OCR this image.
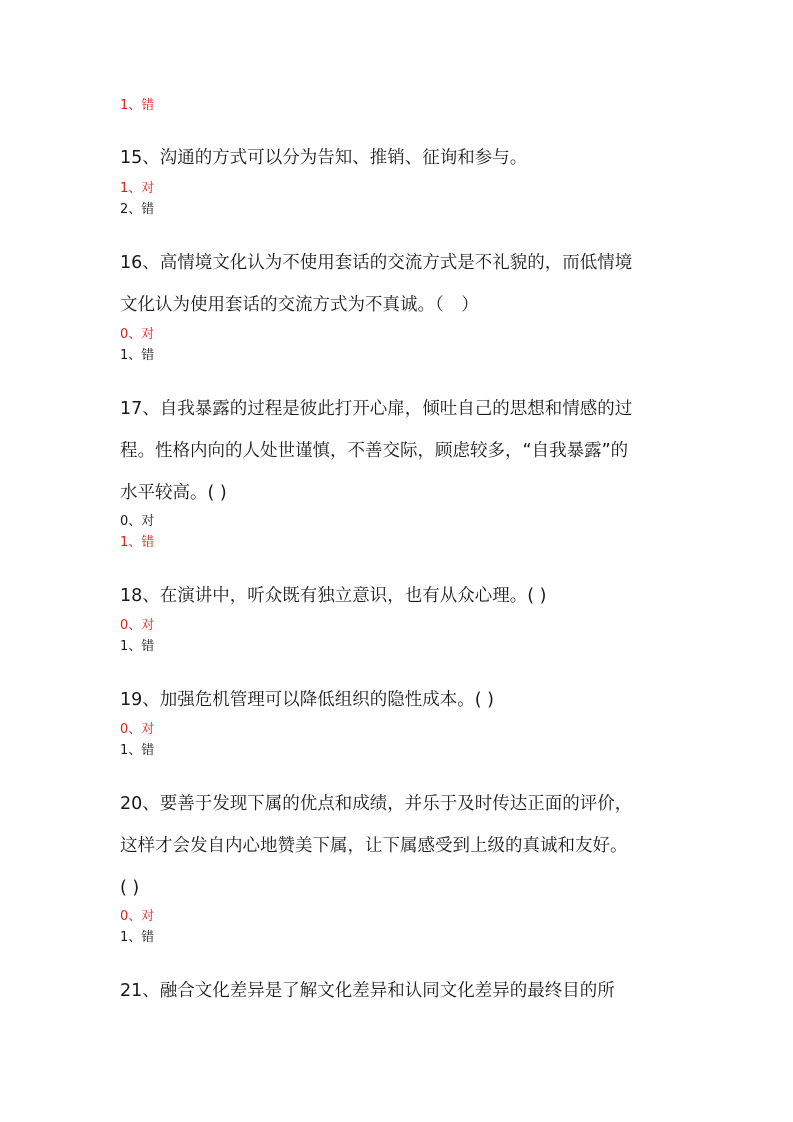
1、错
15、沟通的方式可以分为告知、推销、征询和参与。
1、对
2、错
16、高情境文化认为不使用套话的交流方式是不礼貌的，而低情境
文化认为使用套话的交流方式为不真诚。（　）
0、对
1、错
17、自我暴露的过程是彼此打开心扉，倾吐自己的思想和情感的过
程。性格内向的人处世谨慎，不善交际，顾虑较多，“自我暴露”的
水平较高。( )
0、对
1、错
18、在演讲中，听众既有独立意识，也有从众心理。( )
0、对
1、错
19、加强危机管理可以降低组织的隐性成本。( )
0、对
1、错
20、要善于发现下属的优点和成绩，并乐于及时传达正面的评价，
这样才会发自内心地赞美下属，让下属感受到上级的真诚和友好。
( )
0、对
1、错
21、融合文化差异是了解文化差异和认同文化差异的最终目的所
